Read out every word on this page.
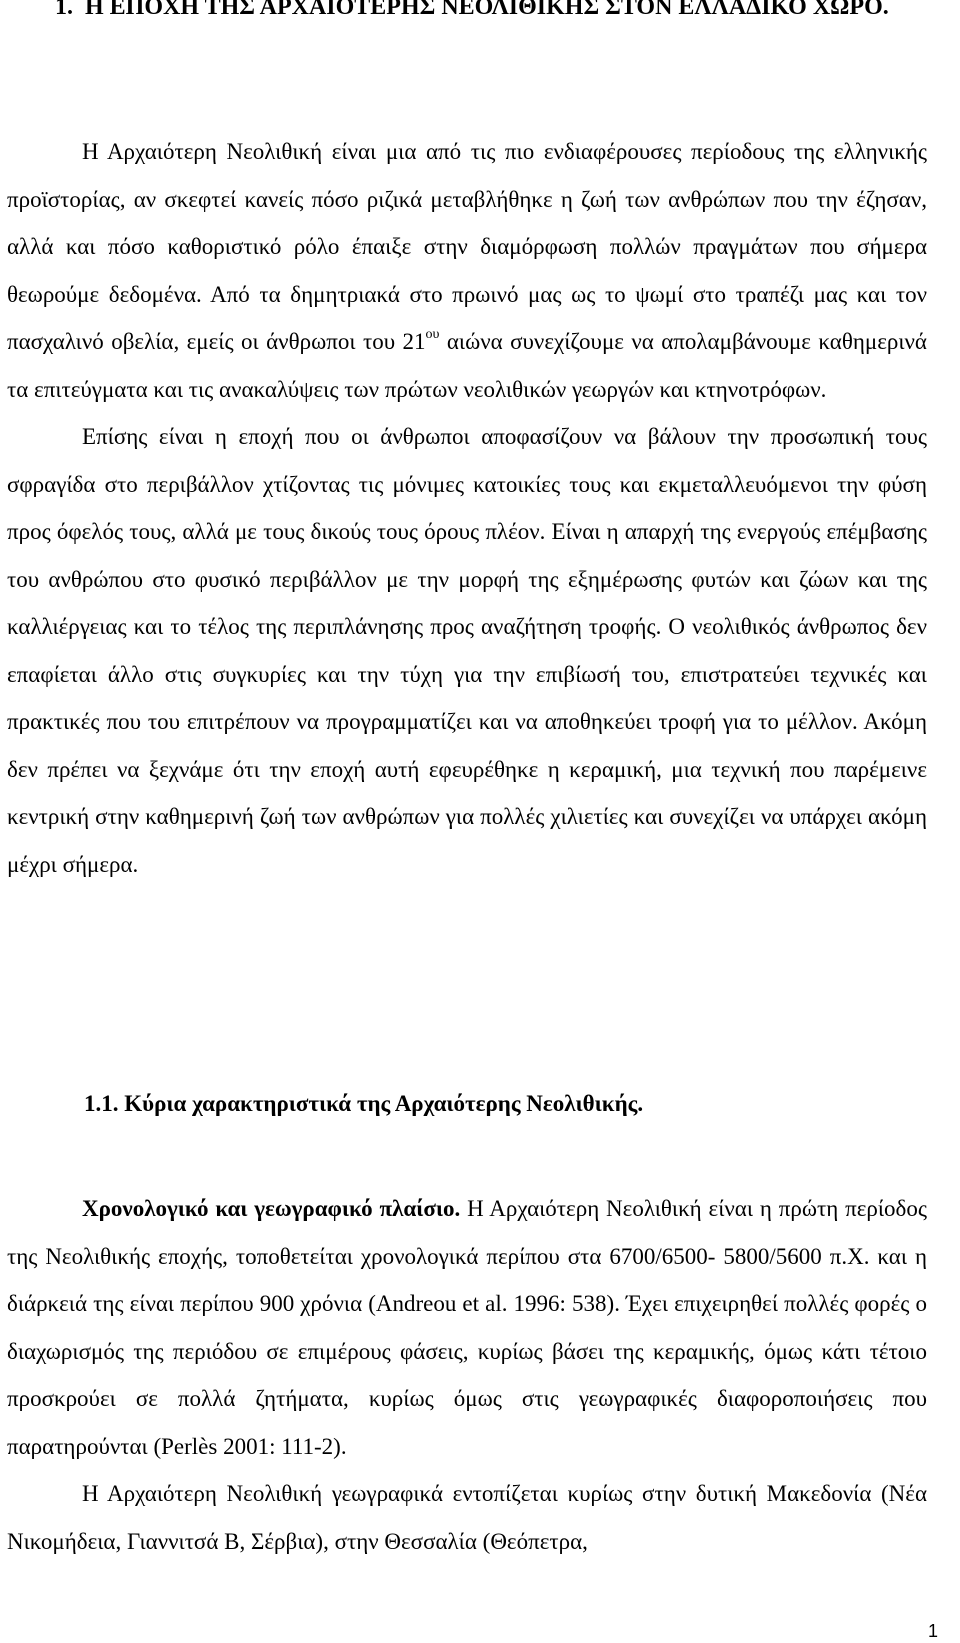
1. Η ΕΠΟΧΗ ΤΗΣ ΑΡΧΑΙΟΤΕΡΗΣ ΝΕΟΛΙΘΙΚΗΣ ΣΤΟΝ ΕΛΛΑΔΙΚΟ ΧΩΡΟ.

Η Αρχαιότερη Νεολιθική είναι μια από τις πιο ενδιαφέρουσες περίοδους της ελληνικής προϊστορίας, αν σκεφτεί κανείς πόσο ριζικά μεταβλήθηκε η ζωή των ανθρώπων που την έζησαν, αλλά και πόσο καθοριστικό ρόλο έπαιξε στην διαμόρφωση πολλών πραγμάτων που σήμερα θεωρούμε δεδομένα. Από τα δημητριακά στο πρωινό μας ως το ψωμί στο τραπέζι μας και τον πασχαλινό οβελία, εμείς οι άνθρωποι του $21^{o\upsilon}$ αιώνα συνεχίζουμε να απολαμβάνουμε καθημερινά τα επιτεύγματα και τις ανακαλύψεις των πρώτων νεολιθικών γεωργών και κτηνοτρόφων.

Επίσης είναι η εποχή που οι άνθρωποι αποφασίζουν να βάλουν την προσωπική τους σφραγίδα στο περιβάλλον χτίζοντας τις μόνιμες κατοικίες τους και εκμεταλλευόμενοι την φύση προς όφελός τους, αλλά με τους δικούς τους όρους πλέον. Είναι η απαρχή της ενεργούς επέμβασης του ανθρώπου στο φυσικό περιβάλλον με την μορφή της εξημέρωσης φυτών και ζώων και της καλλιέργειας και το τέλος της περιπλάνησης προς αναζήτηση τροφής. Ο νεολιθικός άνθρωπος δεν επαφίεται άλλο στις συγκυρίες και την τύχη για την επιβίωσή του, επιστρατεύει τεχνικές και πρακτικές που του επιτρέπουν να προγραμματίζει και να αποθηκεύει τροφή για το μέλλον. Ακόμη δεν πρέπει να ξεχνάμε ότι την εποχή αυτή εφευρέθηκε η κεραμική, μια τεχνική που παρέμεινε κεντρική στην καθημερινή ζωή των ανθρώπων για πολλές χιλιετίες και συνεχίζει να υπάρχει ακόμη μέχρι σήμερα.

1.1. Κύρια χαρακτηριστικά της Αρχαιότερης Νεολιθικής.

Χρονολογικό και γεωγραφικό πλαίσιο. Η Αρχαιότερη Νεολιθική είναι η πρώτη περίοδος της Νεολιθικής εποχής, τοποθετείται χρονολογικά περίπου στα 6700/6500- 5800/5600 π.Χ. και η διάρκειά της είναι περίπου 900 χρόνια (Andreou et al. 1996: 538). Έχει επιχειρηθεί πολλές φορές ο διαχωρισμός της περιόδου σε επιμέρους φάσεις, κυρίως βάσει της κεραμικής, όμως κάτι τέτοιο προσκρούει σε πολλά ζητήματα, κυρίως όμως στις γεωγραφικές διαφοροποιήσεις που παρατηρούνται (Perlès 2001: 111-2).

Η Αρχαιότερη Νεολιθική γεωγραφικά εντοπίζεται κυρίως στην δυτική Μακεδονία (Νέα Νικομήδεια, Γιαννιτσά Β, Σέρβια), στην Θεσσαλία (Θεόπετρα,

1
